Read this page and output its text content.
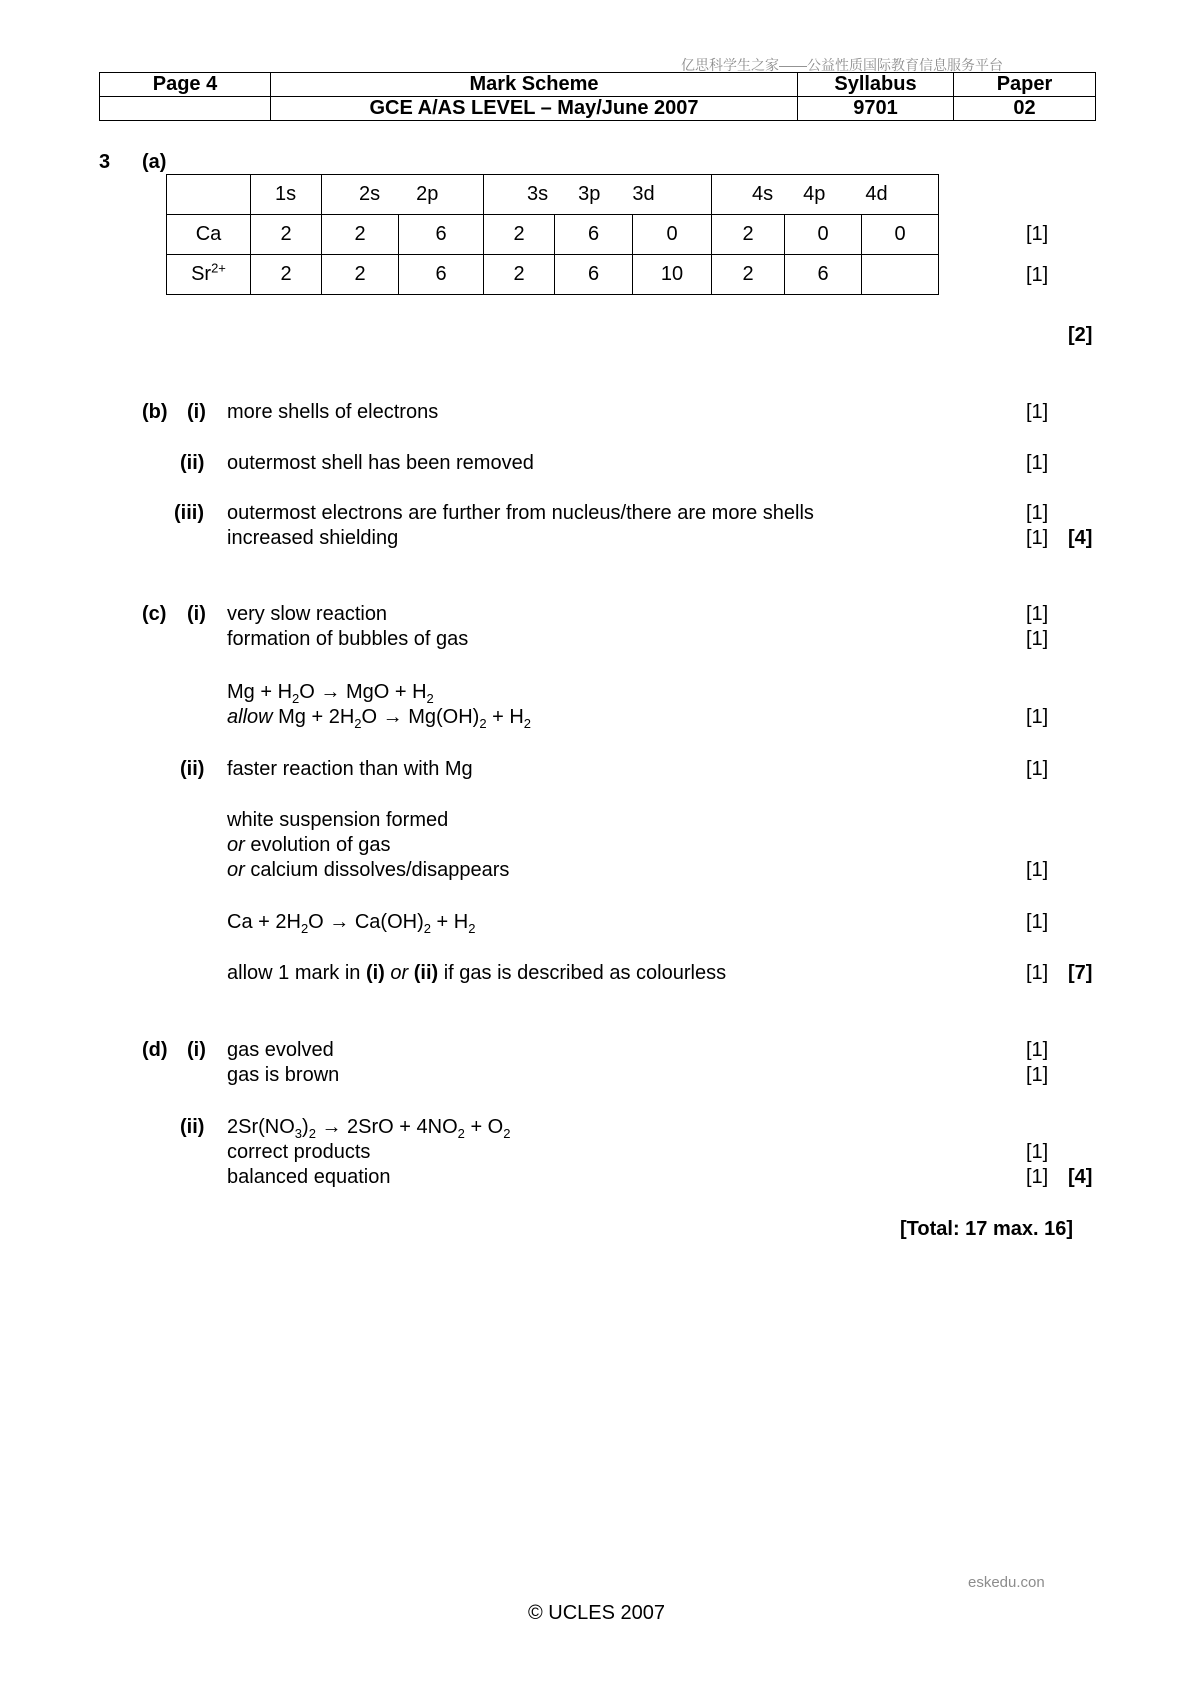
亿思科学生之家——公益性质国际教育信息服务平台
Page 4	Mark Scheme	Syllabus	Paper
	GCE A/AS LEVEL – May/June 2007	9701	02
3 (a)
	1s	2s 2p		3s 3p 3d			4s 4p 4d		
Ca	2	2	6	2	6	0	2	0	0
$Sr^{2+}$	2	2	6	2	6	10	2	6	
[1]
[1]
[2]
(b) (i) more shells of electrons	[1]
(ii) outermost shell has been removed	[1]
(iii) outermost electrons are further from nucleus/there are more shells	[1]
increased shielding	[1] [4]
(c) (i) very slow reaction	[1]
formation of bubbles of gas	[1]
$Mg + H_2O$ → MgO + $H_2$
allow $Mg + 2H_2O \to Mg(OH)_2 + H_2$	[1]
(ii) faster reaction than with Mg	[1]
white suspension formed
or evolution of gas
or calcium dissolves/disappears	[1]
$Ca + 2H_2O \to Ca(OH)_2 + H_2$	[1]
allow 1 mark in (i) or (ii) if gas is described as colourless	[1] [7]
(d) (i) gas evolved	[1]
gas is brown	[1]
(ii) $2Sr(NO_3)_2 \to 2SrO + 4NO_2 + O_2$
correct products	[1]
balanced equation	[1] [4]
[Total: 17 max. 16]
eskedu.con
© UCLES 2007
